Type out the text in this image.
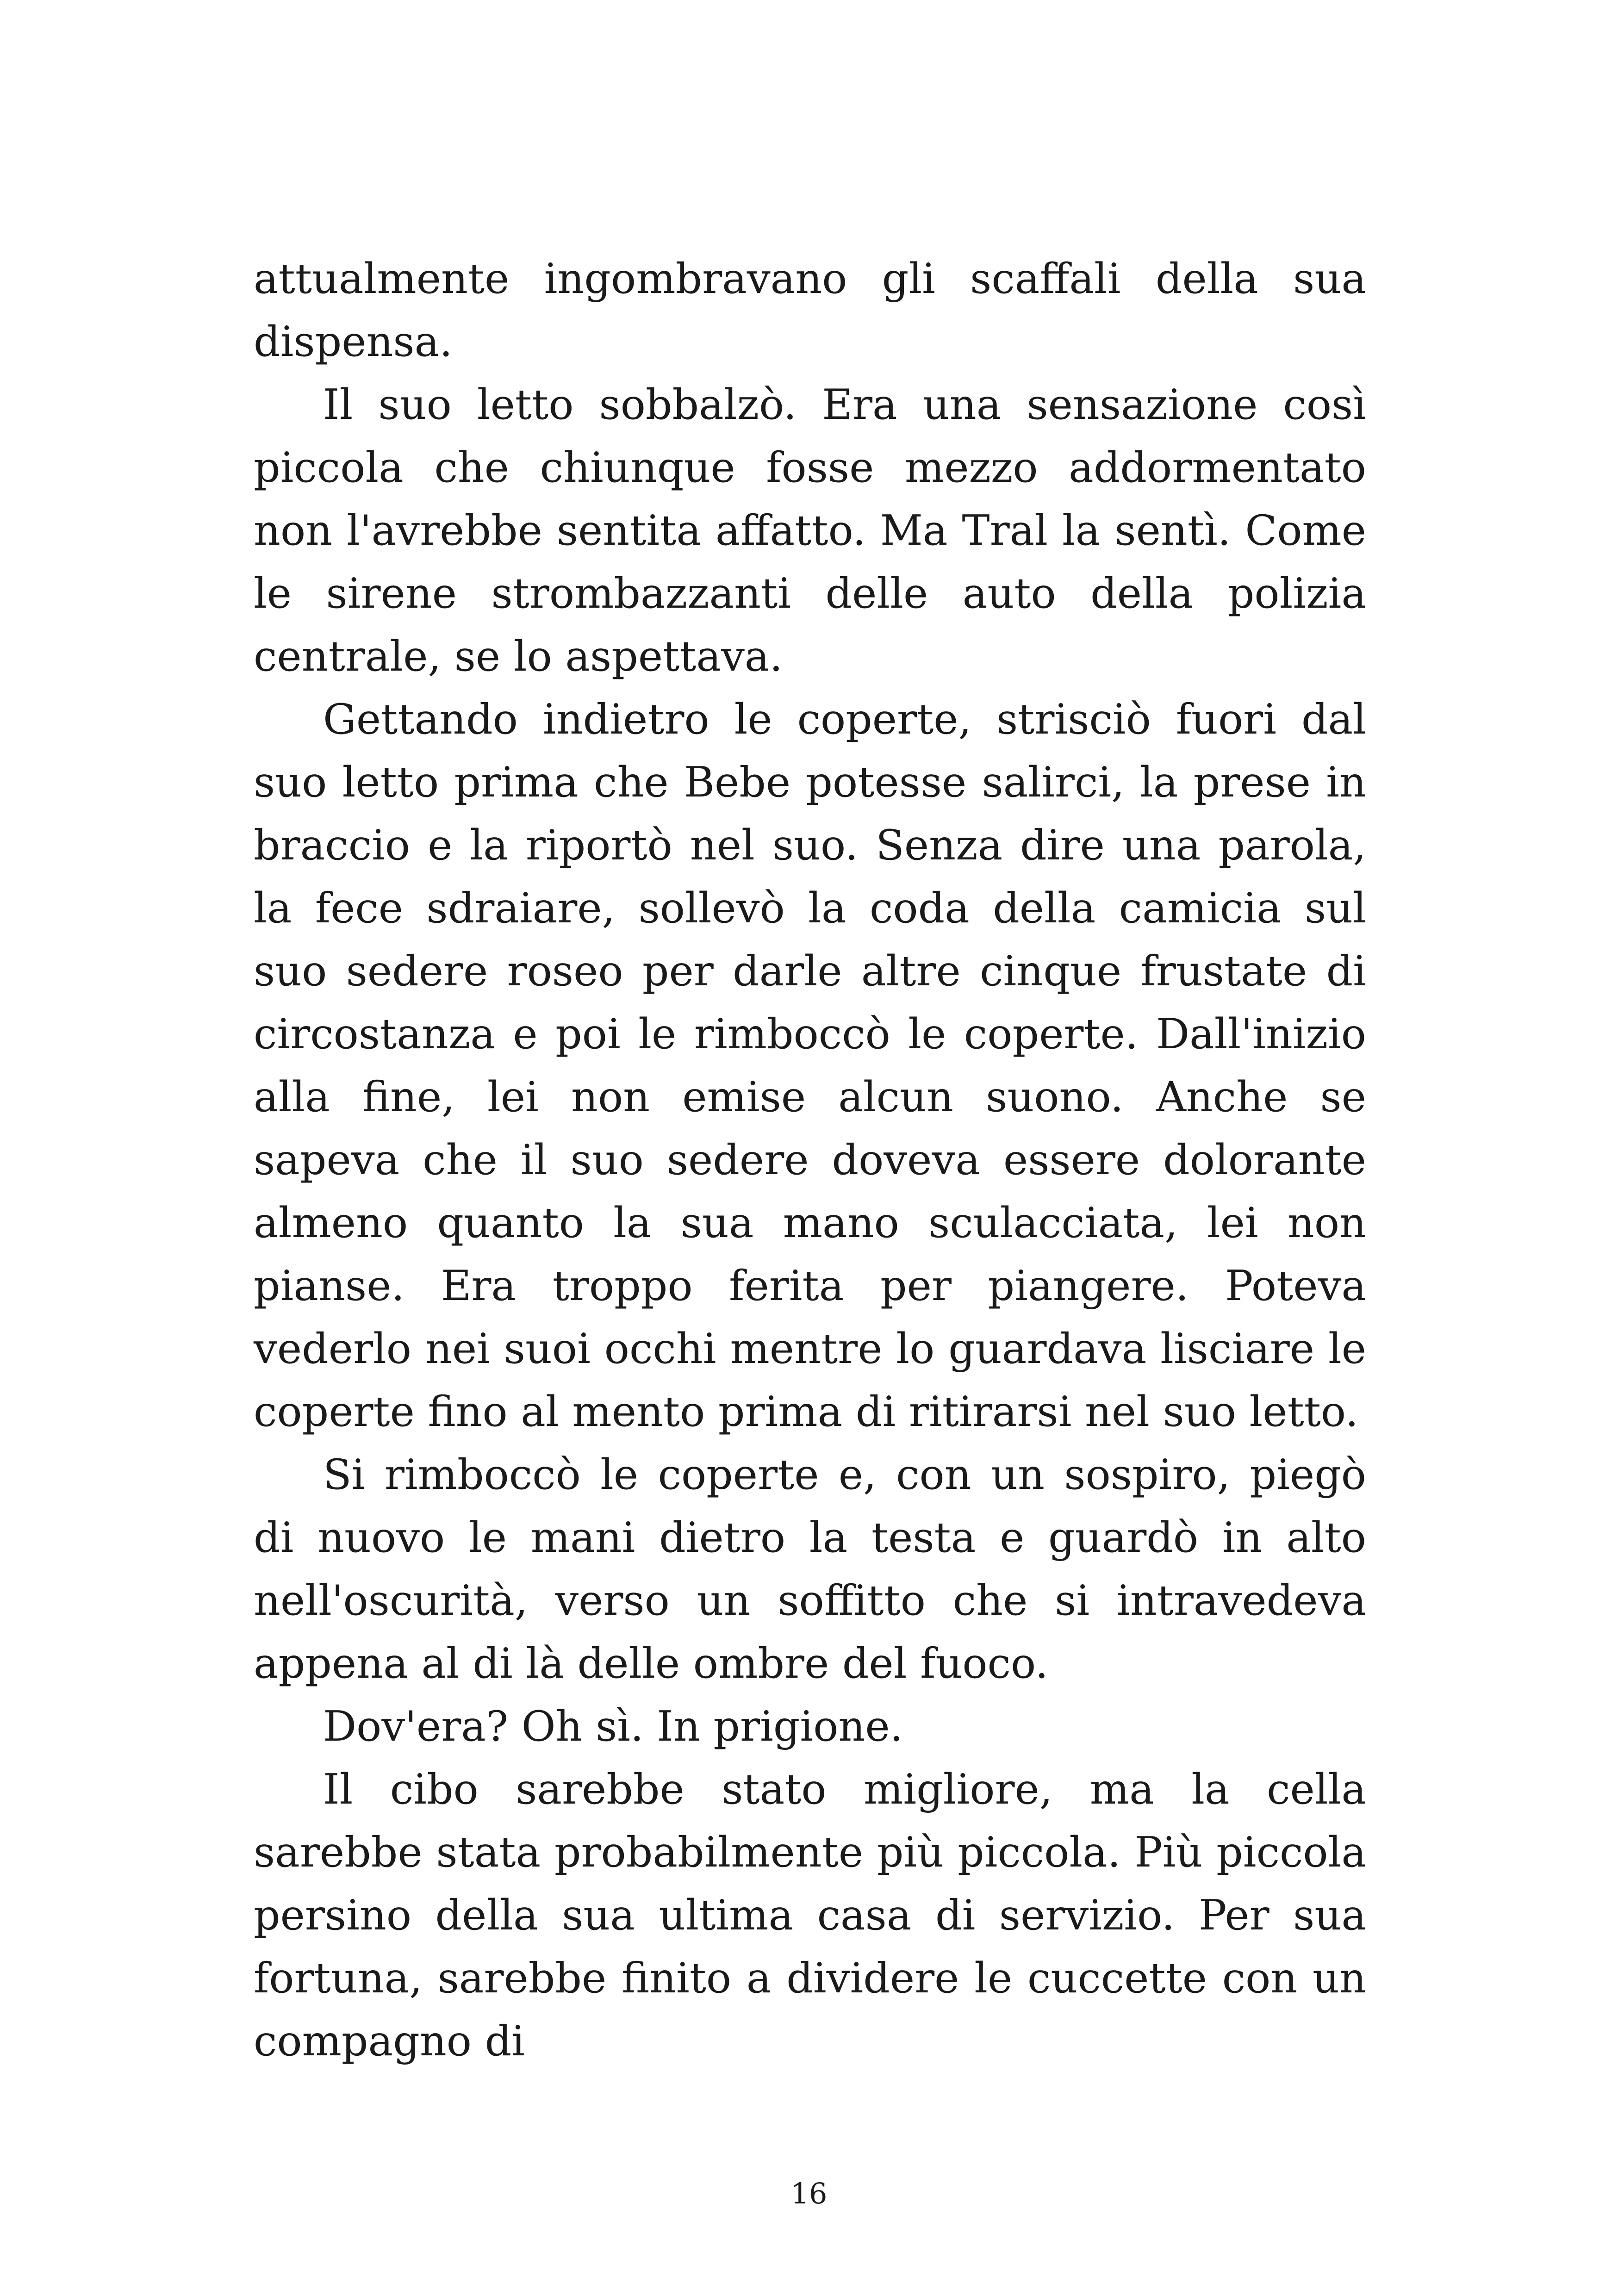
attualmente ingombravano gli scaffali della sua dispensa.

Il suo letto sobbalzò. Era una sensazione così piccola che chiunque fosse mezzo addormentato non l'avrebbe sentita affatto. Ma Tral la sentì. Come le sirene strombazzanti delle auto della polizia centrale, se lo aspettava.

Gettando indietro le coperte, strisciò fuori dal suo letto prima che Bebe potesse salirci, la prese in braccio e la riportò nel suo. Senza dire una parola, la fece sdraiare, sollevò la coda della camicia sul suo sedere roseo per darle altre cinque frustate di circostanza e poi le rimboccò le coperte. Dall'inizio alla fine, lei non emise alcun suono. Anche se sapeva che il suo sedere doveva essere dolorante almeno quanto la sua mano sculacciata, lei non pianse. Era troppo ferita per piangere. Poteva vederlo nei suoi occhi mentre lo guardava lisciare le coperte fino al mento prima di ritirarsi nel suo letto.

Si rimboccò le coperte e, con un sospiro, piegò di nuovo le mani dietro la testa e guardò in alto nell'oscurità, verso un soffitto che si intravedeva appena al di là delle ombre del fuoco.

Dov'era? Oh sì. In prigione.

Il cibo sarebbe stato migliore, ma la cella sarebbe stata probabilmente più piccola. Più piccola persino della sua ultima casa di servizio. Per sua fortuna, sarebbe finito a dividere le cuccette con un compagno di

16
